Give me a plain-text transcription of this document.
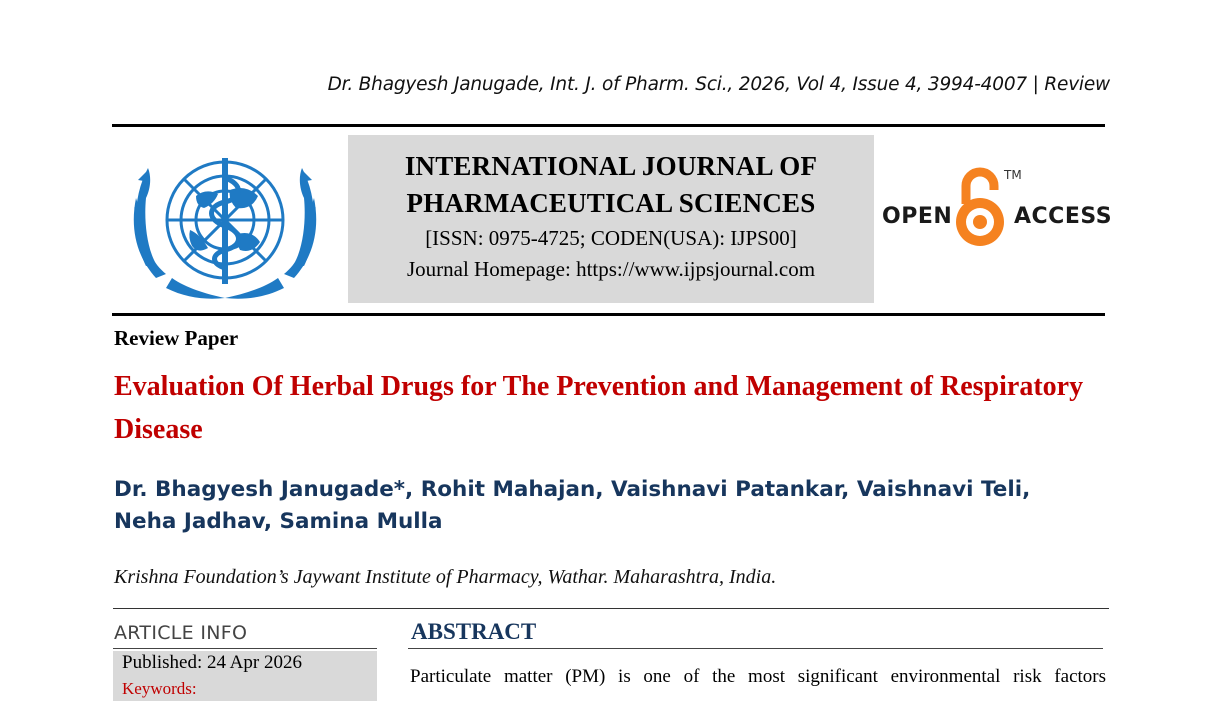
Dr. Bhagyesh Janugade, Int. J. of Pharm. Sci., 2026, Vol 4, Issue 4, 3994-4007 | Review
INTERNATIONAL JOURNAL OF
PHARMACEUTICAL SCIENCES
[ISSN: 0975-4725; CODEN(USA): IJPS00]
Journal Homepage: https://www.ijpsjournal.com
OPEN
TM
ACCESS
Review Paper
Evaluation Of Herbal Drugs for The Prevention and Management of Respiratory Disease
Dr. Bhagyesh Janugade*, Rohit Mahajan, Vaishnavi Patankar, Vaishnavi Teli, Neha Jadhav, Samina Mulla
Krishna Foundation’s Jaywant Institute of Pharmacy, Wathar. Maharashtra, India.
ARTICLE INFO
Published: 24 Apr 2026
Keywords:
ABSTRACT
Particulate matter (PM) is one of the most significant environmental risk factors
